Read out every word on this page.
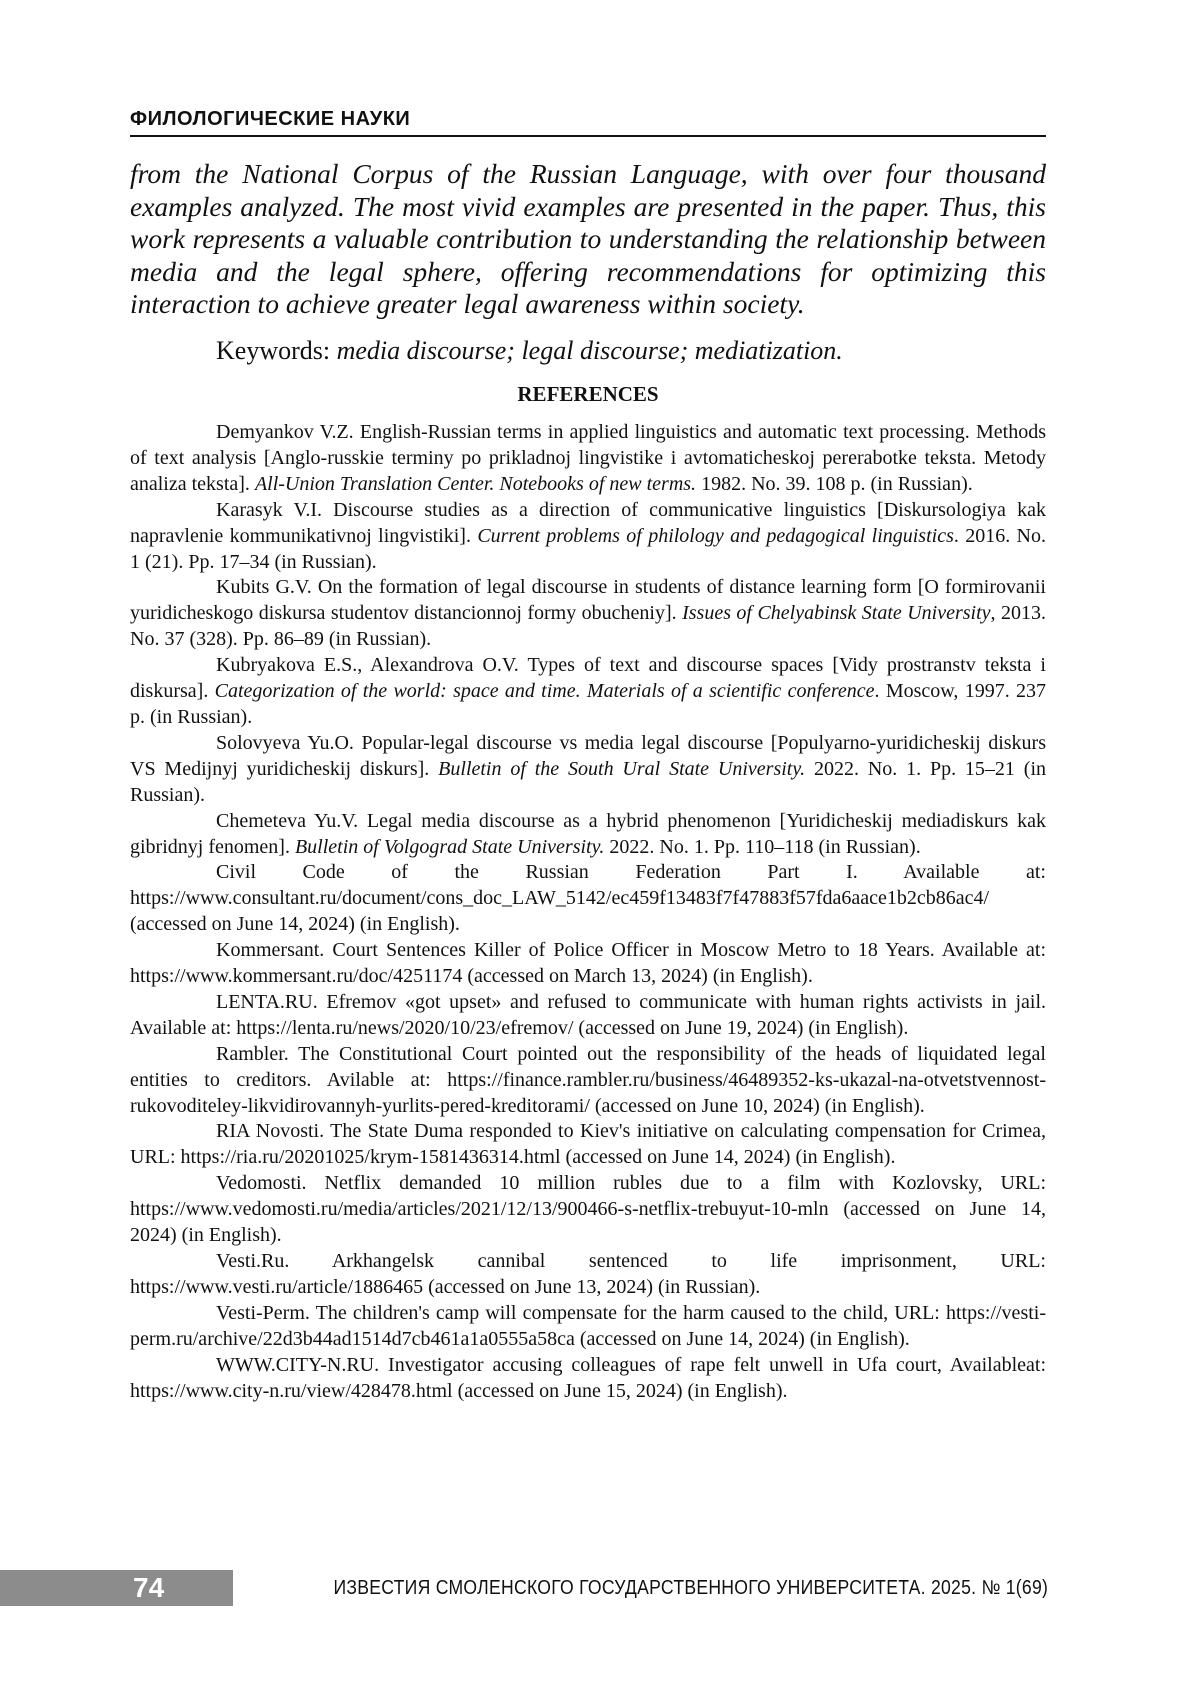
ФИЛОЛОГИЧЕСКИЕ НАУКИ

from the National Corpus of the Russian Language, with over four thousand examples analyzed. The most vivid examples are presented in the paper. Thus, this work represents a valuable contribution to understanding the relationship between media and the legal sphere, offering recommendations for optimizing this interaction to achieve greater legal awareness within society.

Keywords: media discourse; legal discourse; mediatization.

REFERENCES

Demyankov V.Z. English-Russian terms in applied linguistics and automatic text processing. Methods of text analysis [Anglo-russkie terminy po prikladnoj lingvistike i avtomaticheskoj pererabotke teksta. Metody analiza teksta]. All-Union Translation Center. Notebooks of new terms. 1982. No. 39. 108 p. (in Russian).
Karasyk V.I. Discourse studies as a direction of communicative linguistics [Diskursologiya kak napravlenie kommunikativnoj lingvistiki]. Current problems of philology and pedagogical linguistics. 2016. No. 1 (21). Pp. 17–34 (in Russian).
Kubits G.V. On the formation of legal discourse in students of distance learning form [O formirovanii yuridicheskogo diskursa studentov distancionnoj formy obucheniy]. Issues of Chelyabinsk State University, 2013. No. 37 (328). Pp. 86–89 (in Russian).
Kubryakova E.S., Alexandrova O.V. Types of text and discourse spaces [Vidy prostranstv teksta i diskursa]. Categorization of the world: space and time. Materials of a scientific conference. Moscow, 1997. 237 p. (in Russian).
Solovyeva Yu.O. Popular-legal discourse vs media legal discourse [Populyarno-yuridicheskij diskurs VS Medijnyj yuridicheskij diskurs]. Bulletin of the South Ural State University. 2022. No. 1. Pp. 15–21 (in Russian).
Chemeteva Yu.V. Legal media discourse as a hybrid phenomenon [Yuridicheskij mediadiskurs kak gibridnyj fenomen]. Bulletin of Volgograd State University. 2022. No. 1. Pp. 110–118 (in Russian).
Civil Code of the Russian Federation Part I. Available at: https://www.consultant.ru/document/cons_doc_LAW_5142/ec459f13483f7f47883f57fda6aace1b2cb86ac4/ (accessed on June 14, 2024) (in English).
Kommersant. Court Sentences Killer of Police Officer in Moscow Metro to 18 Years. Available at: https://www.kommersant.ru/doc/4251174 (accessed on March 13, 2024) (in English).
LENTA.RU. Efremov «got upset» and refused to communicate with human rights activists in jail. Available at: https://lenta.ru/news/2020/10/23/efremov/ (accessed on June 19, 2024) (in English).
Rambler. The Constitutional Court pointed out the responsibility of the heads of liquidated legal entities to creditors. Avilable at: https://finance.rambler.ru/business/46489352-ks-ukazal-na-otvetstvennost-rukovoditeley-likvidirovannyh-yurlits-pered-kreditorami/ (accessed on June 10, 2024) (in English).
RIA Novosti. The State Duma responded to Kiev's initiative on calculating compensation for Crimea, URL: https://ria.ru/20201025/krym-1581436314.html (accessed on June 14, 2024) (in English).
Vedomosti. Netflix demanded 10 million rubles due to a film with Kozlovsky, URL: https://www.vedomosti.ru/media/articles/2021/12/13/900466-s-netflix-trebuyut-10-mln (accessed on June 14, 2024) (in English).
Vesti.Ru. Arkhangelsk cannibal sentenced to life imprisonment, URL: https://www.vesti.ru/article/1886465 (accessed on June 13, 2024) (in Russian).
Vesti-Perm. The children's camp will compensate for the harm caused to the child, URL: https://vesti-perm.ru/archive/22d3b44ad1514d7cb461a1a0555a58ca (accessed on June 14, 2024) (in English).
WWW.CITY-N.RU. Investigator accusing colleagues of rape felt unwell in Ufa court, Availableat: https://www.city-n.ru/view/428478.html (accessed on June 15, 2024) (in English).
74	ИЗВЕСТИЯ СМОЛЕНСКОГО ГОСУДАРСТВЕННОГО УНИВЕРСИТЕТА. 2025. № 1(69)
